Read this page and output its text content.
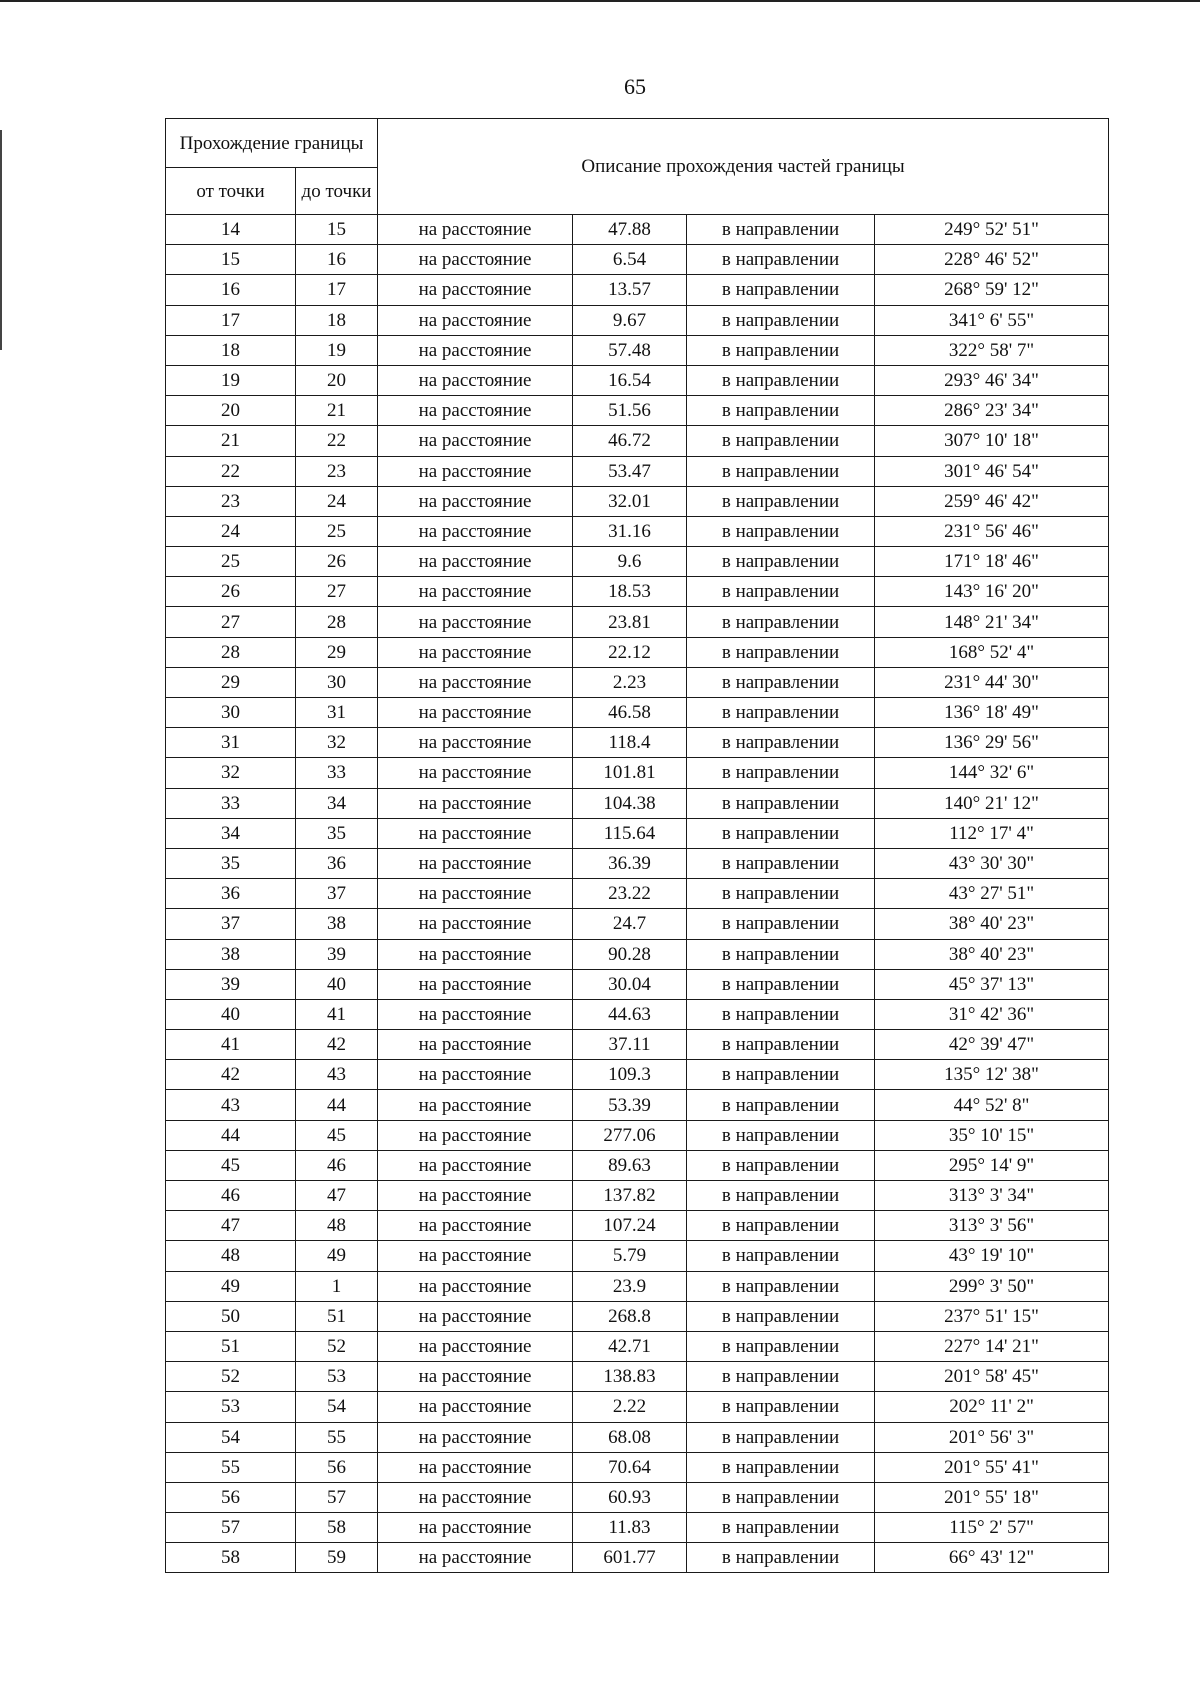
65
Прохождение границы		Описание прохождения частей границы			
от точки	до точки				
14	15	на расстояние	47.88	в направлении	249° 52' 51"
15	16	на расстояние	6.54	в направлении	228° 46' 52"
16	17	на расстояние	13.57	в направлении	268° 59' 12"
17	18	на расстояние	9.67	в направлении	341° 6' 55"
18	19	на расстояние	57.48	в направлении	322° 58' 7"
19	20	на расстояние	16.54	в направлении	293° 46' 34"
20	21	на расстояние	51.56	в направлении	286° 23' 34"
21	22	на расстояние	46.72	в направлении	307° 10' 18"
22	23	на расстояние	53.47	в направлении	301° 46' 54"
23	24	на расстояние	32.01	в направлении	259° 46' 42"
24	25	на расстояние	31.16	в направлении	231° 56' 46"
25	26	на расстояние	9.6	в направлении	171° 18' 46"
26	27	на расстояние	18.53	в направлении	143° 16' 20"
27	28	на расстояние	23.81	в направлении	148° 21' 34"
28	29	на расстояние	22.12	в направлении	168° 52' 4"
29	30	на расстояние	2.23	в направлении	231° 44' 30"
30	31	на расстояние	46.58	в направлении	136° 18' 49"
31	32	на расстояние	118.4	в направлении	136° 29' 56"
32	33	на расстояние	101.81	в направлении	144° 32' 6"
33	34	на расстояние	104.38	в направлении	140° 21' 12"
34	35	на расстояние	115.64	в направлении	112° 17' 4"
35	36	на расстояние	36.39	в направлении	43° 30' 30"
36	37	на расстояние	23.22	в направлении	43° 27' 51"
37	38	на расстояние	24.7	в направлении	38° 40' 23"
38	39	на расстояние	90.28	в направлении	38° 40' 23"
39	40	на расстояние	30.04	в направлении	45° 37' 13"
40	41	на расстояние	44.63	в направлении	31° 42' 36"
41	42	на расстояние	37.11	в направлении	42° 39' 47"
42	43	на расстояние	109.3	в направлении	135° 12' 38"
43	44	на расстояние	53.39	в направлении	44° 52' 8"
44	45	на расстояние	277.06	в направлении	35° 10' 15"
45	46	на расстояние	89.63	в направлении	295° 14' 9"
46	47	на расстояние	137.82	в направлении	313° 3' 34"
47	48	на расстояние	107.24	в направлении	313° 3' 56"
48	49	на расстояние	5.79	в направлении	43° 19' 10"
49	1	на расстояние	23.9	в направлении	299° 3' 50"
50	51	на расстояние	268.8	в направлении	237° 51' 15"
51	52	на расстояние	42.71	в направлении	227° 14' 21"
52	53	на расстояние	138.83	в направлении	201° 58' 45"
53	54	на расстояние	2.22	в направлении	202° 11' 2"
54	55	на расстояние	68.08	в направлении	201° 56' 3"
55	56	на расстояние	70.64	в направлении	201° 55' 41"
56	57	на расстояние	60.93	в направлении	201° 55' 18"
57	58	на расстояние	11.83	в направлении	115° 2' 57"
58	59	на расстояние	601.77	в направлении	66° 43' 12"
